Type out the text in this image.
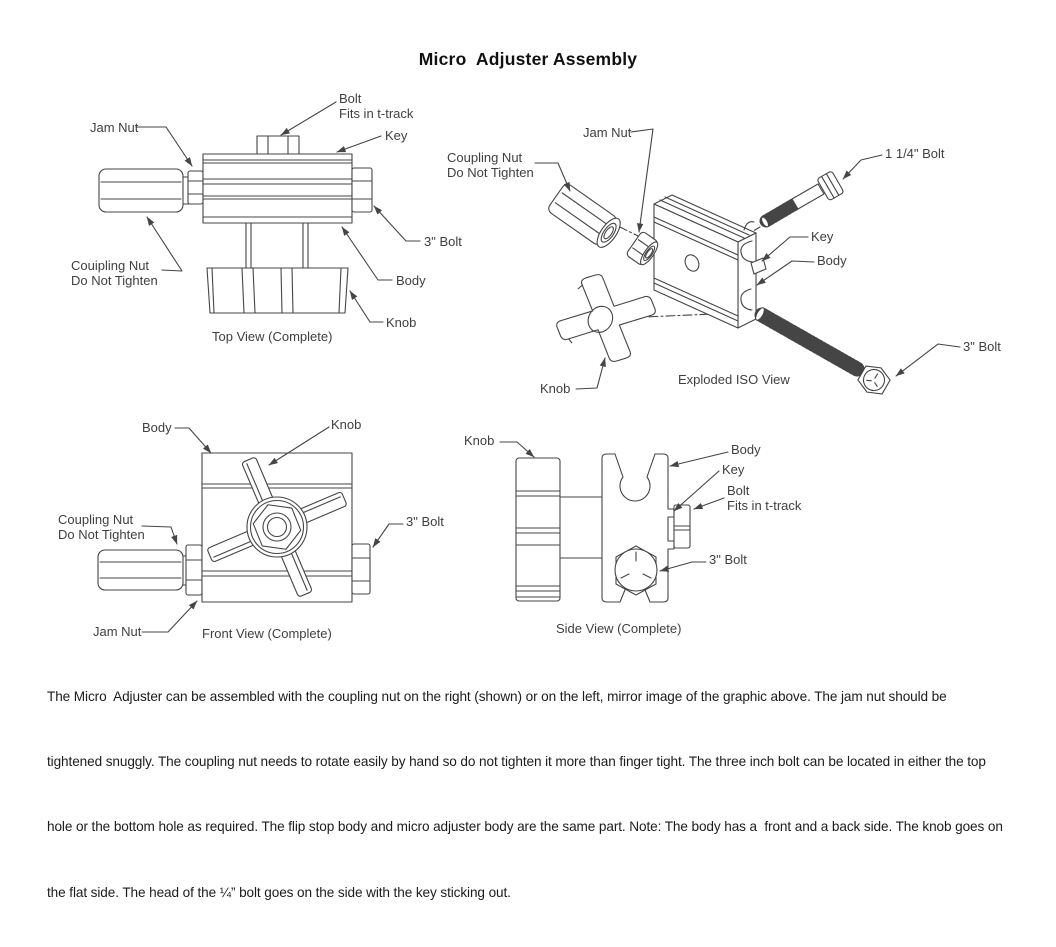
Micro  Adjuster Assembly
Bolt
Fits in t-track
Jam Nut
Key
3" Bolt
Couipling Nut
Do Not Tighten	Body
Knob
Top View (Complete)
Jam Nut
Coupling Nut
Do Not Tighten
1 1/4" Bolt
Key
Body
3" Bolt
Knob
Exploded ISO View
Body	Knob
Coupling Nut
Do Not Tighten
3" Bolt
Jam Nut	Front View (Complete)
Knob
Body
Key
Bolt
Fits in t-track
3" Bolt
Side View (Complete)

The Micro  Adjuster can be assembled with the coupling nut on the right (shown) or on the left, mirror image of the graphic above. The jam nut should be

tightened snuggly. The coupling nut needs to rotate easily by hand so do not tighten it more than finger tight. The three inch bolt can be located in either the top

hole or the bottom hole as required. The flip stop body and micro adjuster body are the same part. Note: The body has a  front and a back side. The knob goes on

the flat side. The head of the ¼” bolt goes on the side with the key sticking out.
